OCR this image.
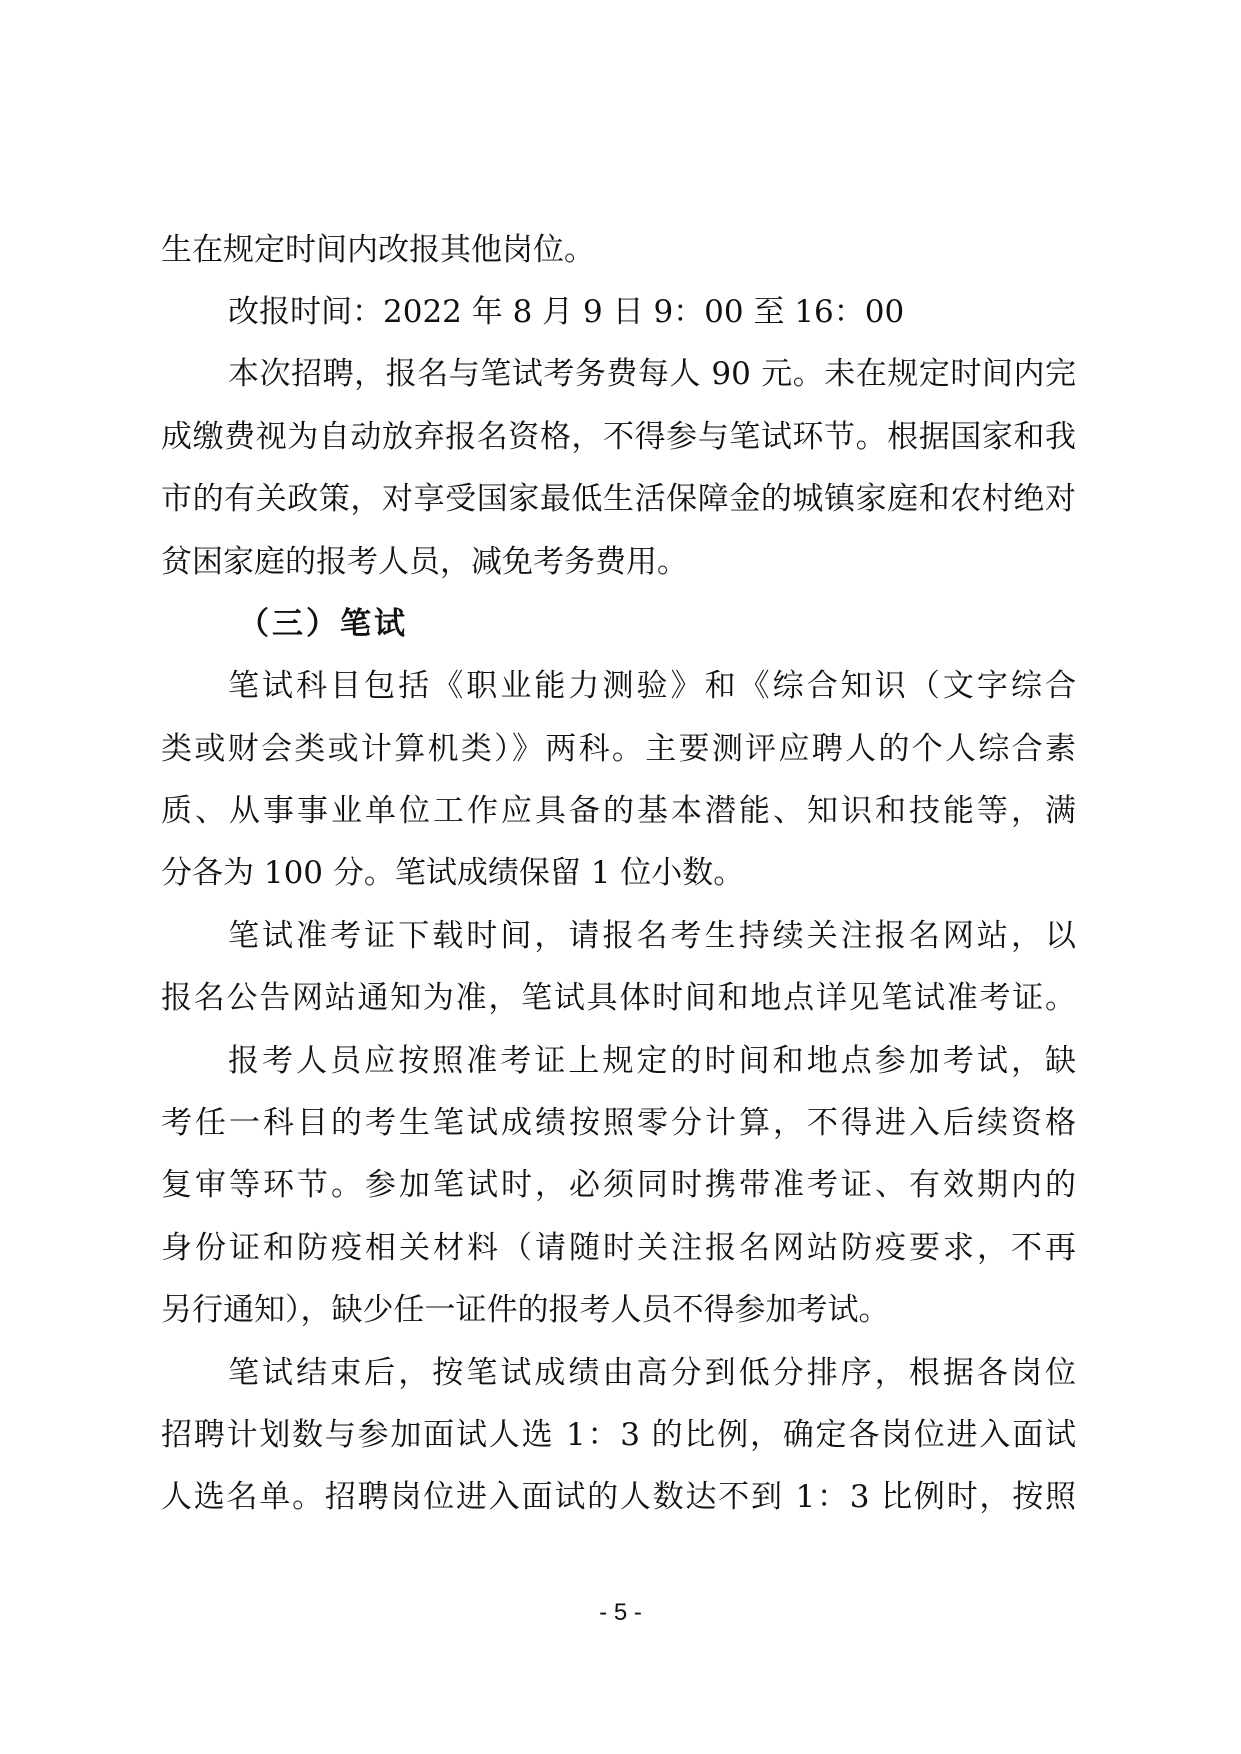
生在规定时间内改报其他岗位。
改报时间：2022 年 8 月 9 日 9：00 至 16：00
本次招聘，报名与笔试考务费每人 90 元。未在规定时间内完
成缴费视为自动放弃报名资格，不得参与笔试环节。根据国家和我
市的有关政策，对享受国家最低生活保障金的城镇家庭和农村绝对
贫困家庭的报考人员，减免考务费用。
（三）笔试
笔试科目包括《职业能力测验》和《综合知识（文字综合
类或财会类或计算机类）》两科。主要测评应聘人的个人综合素
质、从事事业单位工作应具备的基本潜能、知识和技能等，满
分各为 100 分。笔试成绩保留 1 位小数。
笔试准考证下载时间，请报名考生持续关注报名网站，以
报名公告网站通知为准，笔试具体时间和地点详见笔试准考证。
报考人员应按照准考证上规定的时间和地点参加考试，缺
考任一科目的考生笔试成绩按照零分计算，不得进入后续资格
复审等环节。参加笔试时，必须同时携带准考证、有效期内的
身份证和防疫相关材料（请随时关注报名网站防疫要求，不再
另行通知），缺少任一证件的报考人员不得参加考试。
笔试结束后，按笔试成绩由高分到低分排序，根据各岗位
招聘计划数与参加面试人选 1：3 的比例，确定各岗位进入面试
人选名单。招聘岗位进入面试的人数达不到 1：3 比例时，按照
- 5 -
